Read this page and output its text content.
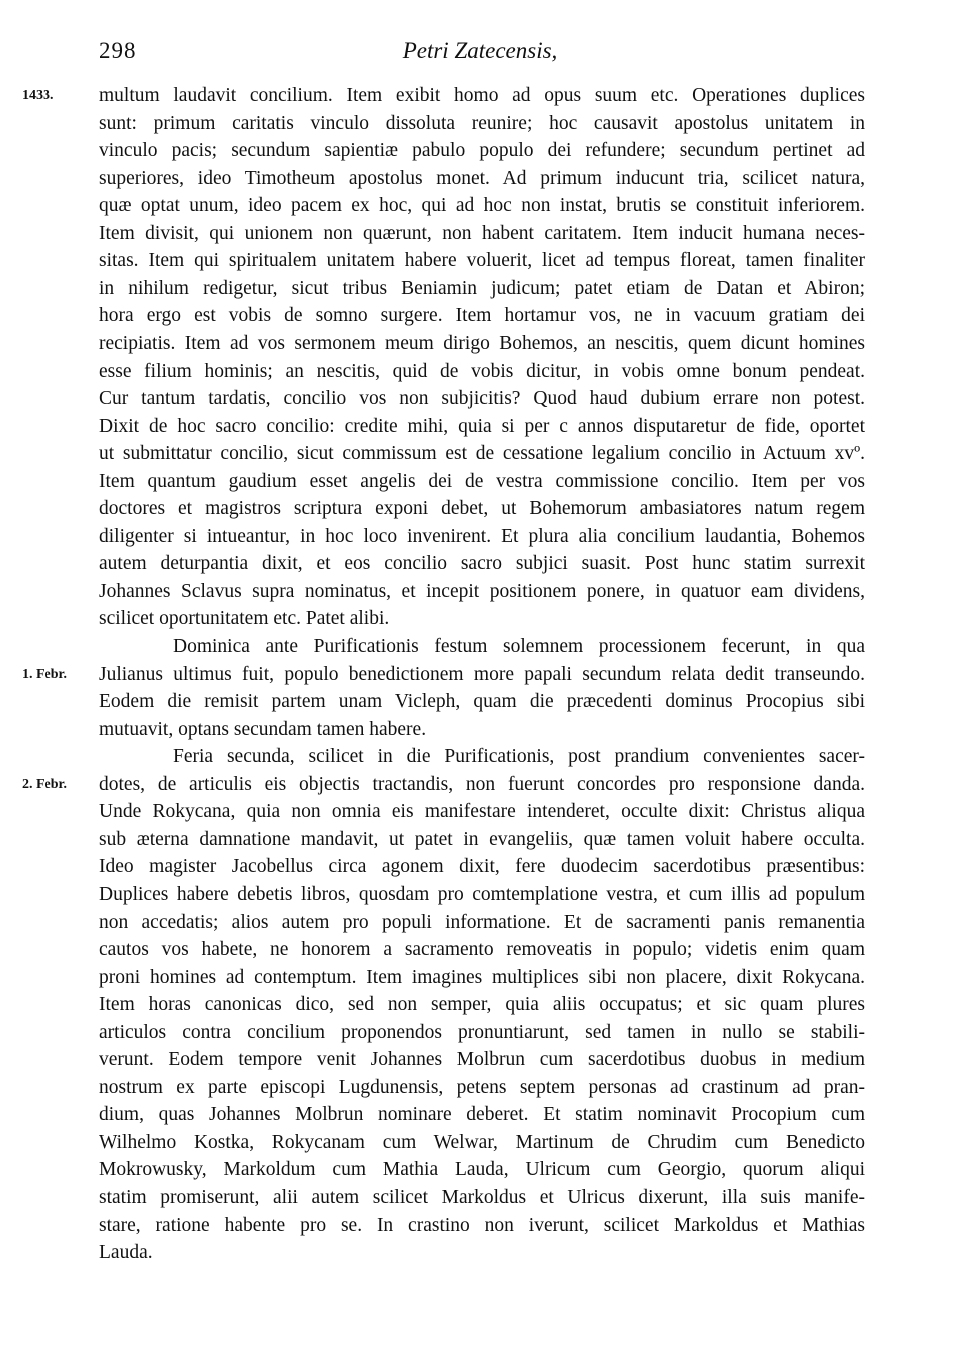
298	Petri Zatecensis,
1433.
1. Febr.
2. Febr.
multum laudavit concilium. Item exibit homo ad opus suum etc. Operationes duplices
sunt: primum caritatis vinculo dissoluta reunire; hoc causavit apostolus unitatem in
vinculo pacis; secundum sapientiæ pabulo populo dei refundere; secundum pertinet ad
superiores, ideo Timotheum apostolus monet. Ad primum inducunt tria, scilicet natura,
quæ optat unum, ideo pacem ex hoc, qui ad hoc non instat, brutis se constituit inferiorem.
Item divisit, qui unionem non quærunt, non habent caritatem. Item inducit humana neces-
sitas. Item qui spiritualem unitatem habere voluerit, licet ad tempus floreat, tamen finaliter
in nihilum redigetur, sicut tribus Beniamin judicum; patet etiam de Datan et Abiron;
hora ergo est vobis de somno surgere. Item hortamur vos, ne in vacuum gratiam dei
recipiatis. Item ad vos sermonem meum dirigo Bohemos, an nescitis, quem dicunt homines
esse filium hominis; an nescitis, quid de vobis dicitur, in vobis omne bonum pendeat.
Cur tantum tardatis, concilio vos non subjicitis? Quod haud dubium errare non potest.
Dixit de hoc sacro concilio: credite mihi, quia si per c annos disputaretur de fide, oportet
ut submittatur concilio, sicut commissum est de cessatione legalium concilio in Actuum xvº.
Item quantum gaudium esset angelis dei de vestra commissione concilio. Item per vos
doctores et magistros scriptura exponi debet, ut Bohemorum ambasiatores natum regem
diligenter si intueantur, in hoc loco invenirent. Et plura alia concilium laudantia, Bohemos
autem deturpantia dixit, et eos concilio sacro subjici suasit. Post hunc statim surrexit
Johannes Sclavus supra nominatus, et incepit positionem ponere, in quatuor eam dividens,
scilicet oportunitatem etc. Patet alibi.
Dominica ante Purificationis festum solemnem processionem fecerunt, in qua
Julianus ultimus fuit, populo benedictionem more papali secundum relata dedit transeundo.
Eodem die remisit partem unam Vicleph, quam die præcedenti dominus Procopius sibi
mutuavit, optans secundam tamen habere.
Feria secunda, scilicet in die Purificationis, post prandium convenientes sacer-
dotes, de articulis eis objectis tractandis, non fuerunt concordes pro responsione danda.
Unde Rokycana, quia non omnia eis manifestare intenderet, occulte dixit: Christus aliqua
sub æterna damnatione mandavit, ut patet in evangeliis, quæ tamen voluit habere occulta.
Ideo magister Jacobellus circa agonem dixit, fere duodecim sacerdotibus præsentibus:
Duplices habere debetis libros, quosdam pro comtemplatione vestra, et cum illis ad populum
non accedatis; alios autem pro populi informatione. Et de sacramenti panis remanentia
cautos vos habete, ne honorem a sacramento removeatis in populo; videtis enim quam
proni homines ad contemptum. Item imagines multiplices sibi non placere, dixit Rokycana.
Item horas canonicas dico, sed non semper, quia aliis occupatus; et sic quam plures
articulos contra concilium proponendos pronuntiarunt, sed tamen in nullo se stabili-
verunt. Eodem tempore venit Johannes Molbrun cum sacerdotibus duobus in medium
nostrum ex parte episcopi Lugdunensis, petens septem personas ad crastinum ad pran-
dium, quas Johannes Molbrun nominare deberet. Et statim nominavit Procopium cum
Wilhelmo Kostka, Rokycanam cum Welwar, Martinum de Chrudim cum Benedicto
Mokrowusky, Markoldum cum Mathia Lauda, Ulricum cum Georgio, quorum aliqui
statim promiserunt, alii autem scilicet Markoldus et Ulricus dixerunt, illa suis manife-
stare, ratione habente pro se. In crastino non iverunt, scilicet Markoldus et Mathias
Lauda.
